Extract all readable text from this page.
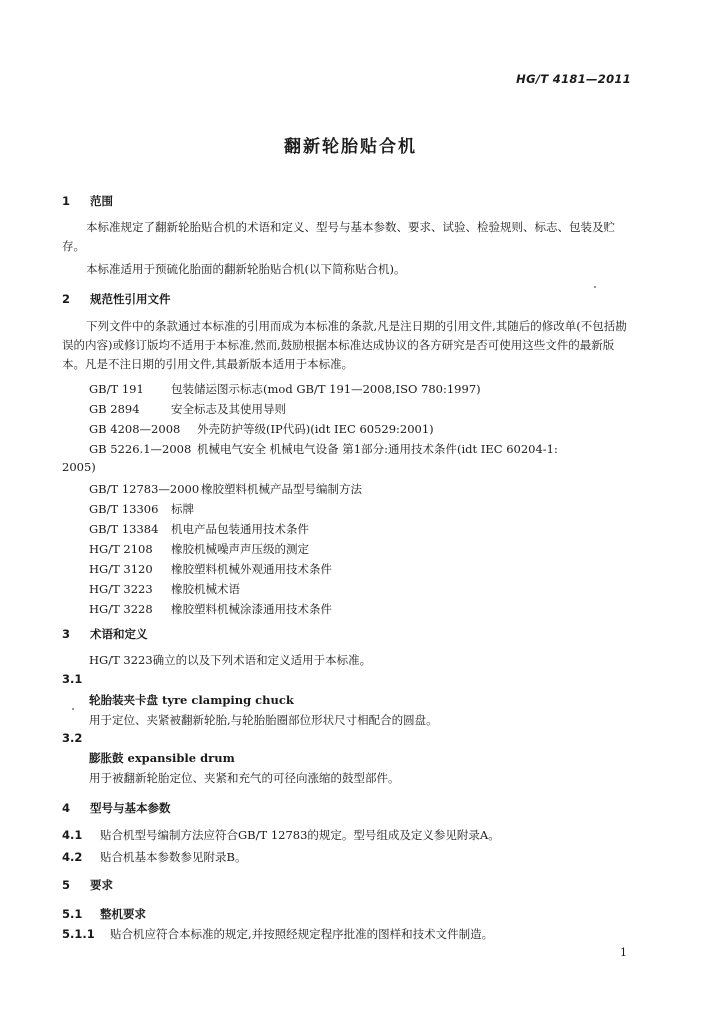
HG/T 4181—2011
翻新轮胎贴合机
1 范围
本标准规定了翻新轮胎贴合机的术语和定义、型号与基本参数、要求、试验、检验规则、标志、包装及贮存。
本标准适用于预硫化胎面的翻新轮胎贴合机(以下简称贴合机)。
2 规范性引用文件
下列文件中的条款通过本标准的引用而成为本标准的条款,凡是注日期的引用文件,其随后的修改单(不包括勘误的内容)或修订版均不适用于本标准,然而,鼓励根据本标准达成协议的各方研究是否可使用这些文件的最新版本。凡是不注日期的引用文件,其最新版本适用于本标准。
GB/T 191 包装储运图示标志(mod GB/T 191—2008,ISO 780:1997)
GB 2894	安全标志及其使用导则
GB 4208—2008 外壳防护等级(IP代码)(idt IEC 60529:2001)
GB 5226.1—2008 机械电气安全 机械电气设备 第1部分:通用技术条件(idt IEC 60204-1:
2005)
GB/T 12783—2000 橡胶塑料机械产品型号编制方法
GB/T 13306 标牌
GB/T 13384 机电产品包装通用技术条件
HG/T 2108 橡胶机械噪声声压级的测定
HG/T 3120 橡胶塑料机械外观通用技术条件
HG/T 3223 橡胶机械术语
HG/T 3228 橡胶塑料机械涂漆通用技术条件
3 术语和定义
HG/T 3223确立的以及下列术语和定义适用于本标准。
3.1
轮胎装夹卡盘 tyre clamping chuck
用于定位、夹紧被翻新轮胎,与轮胎胎圈部位形状尺寸相配合的圆盘。
3.2
膨胀鼓 expansible drum
用于被翻新轮胎定位、夹紧和充气的可径向涨缩的鼓型部件。
4 型号与基本参数
4.1 贴合机型号编制方法应符合GB/T 12783的规定。型号组成及定义参见附录A。
4.2 贴合机基本参数参见附录B。
5 要求
5.1 整机要求
5.1.1 贴合机应符合本标准的规定,并按照经规定程序批准的图样和技术文件制造。
1
